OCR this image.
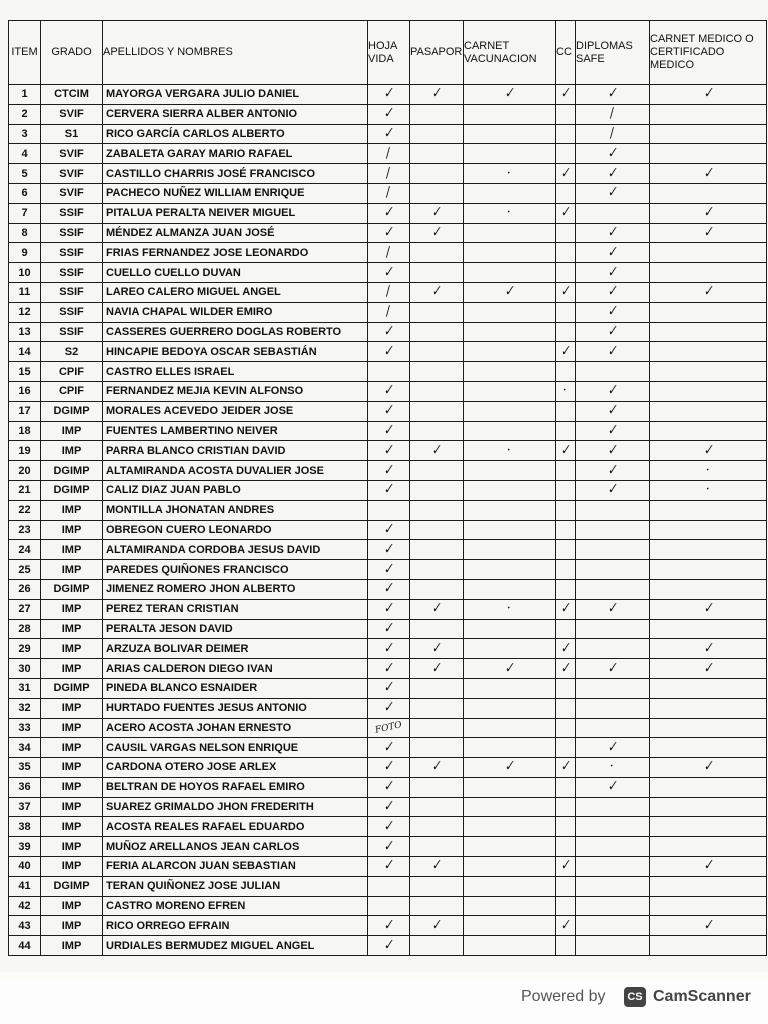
ITEM	GRADO	APELLIDOS Y NOMBRES	HOJA VIDA	PASAPOR	CARNET VACUNACION	CC	DIPLOMAS SAFE	CARNET MEDICO O CERTIFICADO MEDICO
1	CTCIM	MAYORGA VERGARA JULIO DANIEL	✓	✓	✓	✓	✓	✓
2	SVIF	CERVERA SIERRA ALBER ANTONIO	✓				/	
3	S1	RICO GARCÍA CARLOS ALBERTO	✓				/	
4	SVIF	ZABALETA GARAY MARIO RAFAEL	/				✓	
5	SVIF	CASTILLO CHARRIS JOSÉ FRANCISCO	/		·	✓	✓	✓
6	SVIF	PACHECO NUÑEZ WILLIAM ENRIQUE	/				✓	
7	SSIF	PITALUA PERALTA NEIVER MIGUEL	✓	✓	·	✓		✓
8	SSIF	MÉNDEZ ALMANZA JUAN JOSÉ	✓	✓			✓	✓
9	SSIF	FRIAS FERNANDEZ JOSE LEONARDO	/				✓	
10	SSIF	CUELLO CUELLO DUVAN	✓				✓	
11	SSIF	LAREO CALERO MIGUEL ANGEL	/	✓	✓	✓	✓	✓
12	SSIF	NAVIA CHAPAL WILDER EMIRO	/				✓	
13	SSIF	CASSERES GUERRERO DOGLAS ROBERTO	✓				✓	
14	S2	HINCAPIE BEDOYA OSCAR SEBASTIÁN	✓			✓	✓	
15	CPIF	CASTRO ELLES ISRAEL						
16	CPIF	FERNANDEZ MEJIA KEVIN ALFONSO	✓			·	✓	
17	DGIMP	MORALES ACEVEDO JEIDER JOSE	✓				✓	
18	IMP	FUENTES LAMBERTINO NEIVER	✓				✓	
19	IMP	PARRA BLANCO CRISTIAN DAVID	✓	✓	·	✓	✓	✓
20	DGIMP	ALTAMIRANDA ACOSTA DUVALIER JOSE	✓				✓	·
21	DGIMP	CALIZ DIAZ JUAN PABLO	✓				✓	·
22	IMP	MONTILLA JHONATAN ANDRES						
23	IMP	OBREGON CUERO LEONARDO	✓					
24	IMP	ALTAMIRANDA CORDOBA JESUS DAVID	✓					
25	IMP	PAREDES QUIÑONES FRANCISCO	✓					
26	DGIMP	JIMENEZ ROMERO JHON ALBERTO	✓					
27	IMP	PEREZ TERAN CRISTIAN	✓	✓	·	✓	✓	✓
28	IMP	PERALTA JESON DAVID	✓					
29	IMP	ARZUZA BOLIVAR DEIMER	✓	✓		✓		✓
30	IMP	ARIAS CALDERON DIEGO IVAN	✓	✓	✓	✓	✓	✓
31	DGIMP	PINEDA BLANCO ESNAIDER	✓					
32	IMP	HURTADO FUENTES JESUS ANTONIO	✓					
33	IMP	ACERO ACOSTA JOHAN ERNESTO	FOTO					
34	IMP	CAUSIL VARGAS NELSON ENRIQUE	✓				✓	
35	IMP	CARDONA OTERO JOSE ARLEX	✓	✓	✓	✓	·	✓
36	IMP	BELTRAN DE HOYOS RAFAEL EMIRO	✓				✓	
37	IMP	SUAREZ GRIMALDO JHON FREDERITH	✓					
38	IMP	ACOSTA REALES RAFAEL EDUARDO	✓					
39	IMP	MUÑOZ ARELLANOS JEAN CARLOS	✓					
40	IMP	FERIA ALARCON JUAN SEBASTIAN	✓	✓		✓		✓
41	DGIMP	TERAN QUIÑONEZ JOSE JULIAN						
42	IMP	CASTRO MORENO EFREN						
43	IMP	RICO ORREGO EFRAIN	✓	✓		✓		✓
44	IMP	URDIALES BERMUDEZ MIGUEL ANGEL	✓					
Powered by	CS CamScanner
